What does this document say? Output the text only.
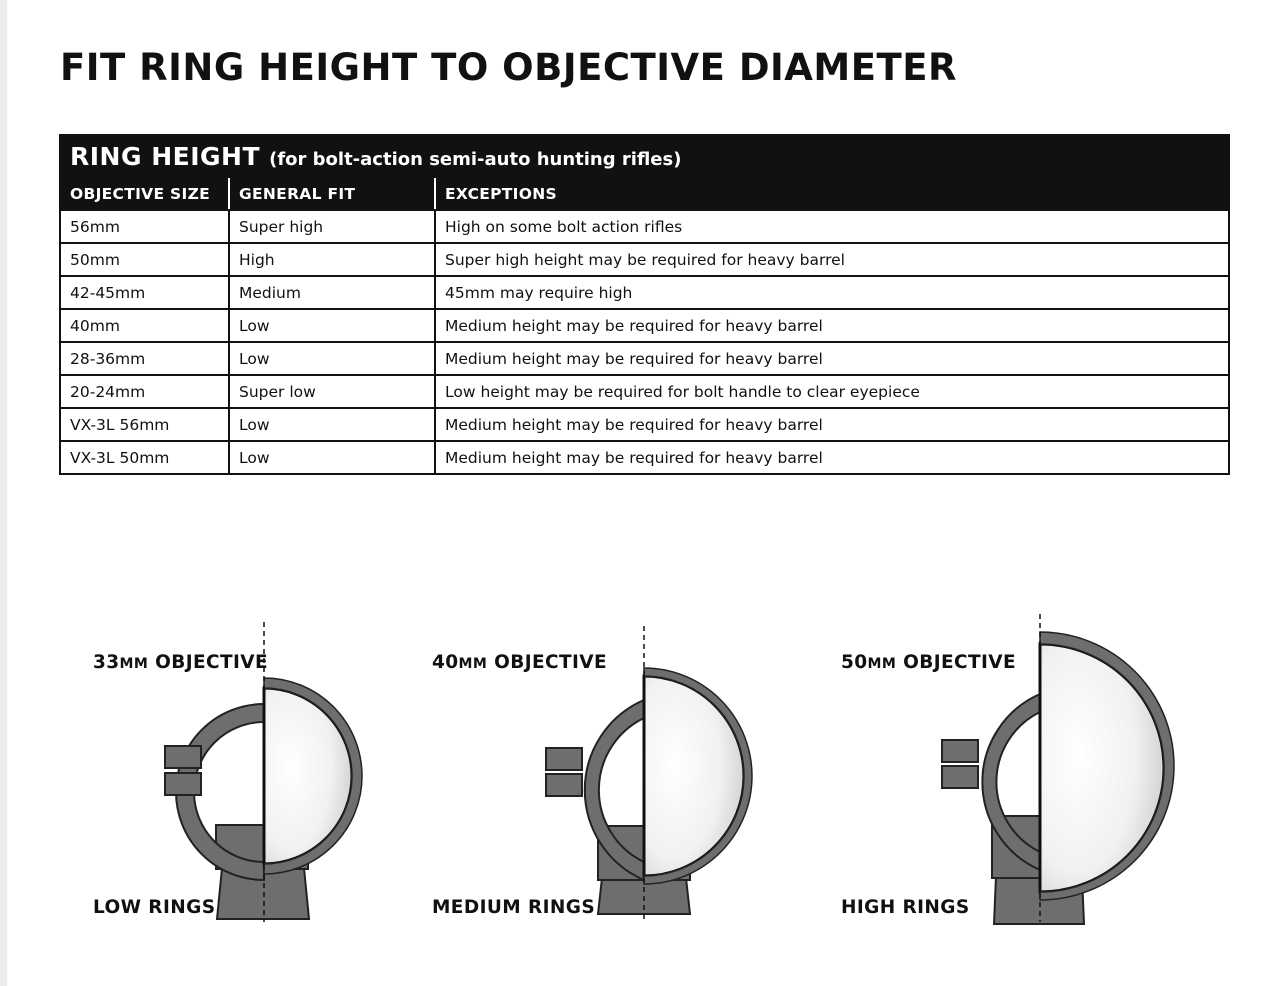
FIT RING HEIGHT TO OBJECTIVE DIAMETER
RING HEIGHT (for bolt-action semi-auto hunting rifles)		
OBJECTIVE SIZE	GENERAL FIT	EXCEPTIONS
56mm	Super high	High on some bolt action rifles
50mm	High	Super high height may be required for heavy barrel
42-45mm	Medium	45mm may require high
40mm	Low	Medium height may be required for heavy barrel
28-36mm	Low	Medium height may be required for heavy barrel
20-24mm	Super low	Low height may be required for bolt handle to clear eyepiece
VX-3L 56mm	Low	Medium height may be required for heavy barrel
VX-3L 50mm	Low	Medium height may be required for heavy barrel
33MM OBJECTIVE
LOW RINGS
40MM OBJECTIVE
MEDIUM RINGS
50MM OBJECTIVE
HIGH RINGS
